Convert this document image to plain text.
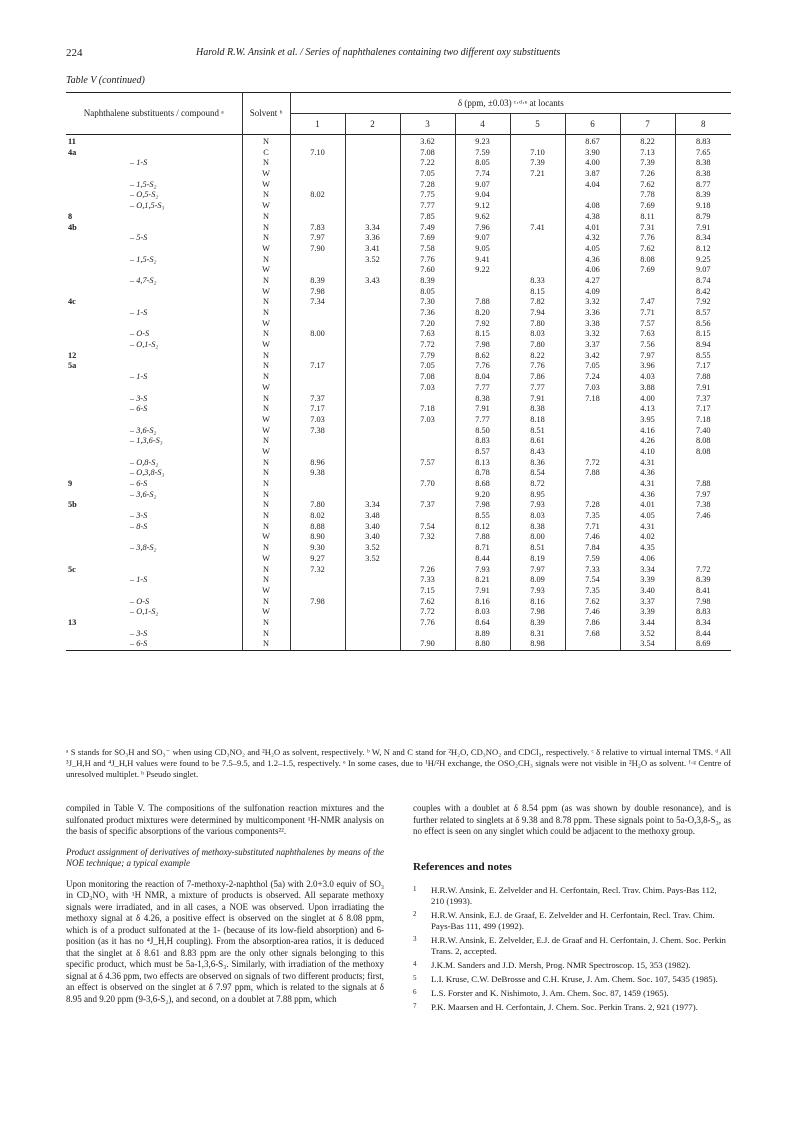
224	Harold R.W. Ansink et al. / Series of naphthalenes containing two different oxy substituents
Table V (continued)
Naphthalene substituents / compound ᵃ		Solvent ᵇ	δ (ppm, ±0.03) ᶜ·ᵈ·ᵉ at locants							
			1	2	3	4	5	6	7	8
11		N			3.62	9.23		8.67	8.22	8.83
4a		C	7.10		7.08	7.59	7.10	3.90	7.13	7.65
	– 1-S	N			7.22	8.05	7.39	4.00	7.39	8.38
		W			7.05	7.74	7.21	3.87	7.26	8.38
	– 1,5-S₂	W			7.28	9.07		4.04	7.62	8.77
	– O,5-S₂	N	8.02		7.75	9.04			7.78	8.39
	– O,1,5-S₃	W			7.77	9.12		4.08	7.69	9.18
8		N			7.85	9.62		4.38	8.11	8.79
4b		N	7.83	3.34	7.49	7.96	7.41	4.01	7.31	7.91
	– 5-S	N	7.97	3.36	7.69	9.07		4.32	7.76	8.34
		W	7.90	3.41	7.58	9.05		4.05	7.62	8.12
	– 1,5-S₂	N		3.52	7.76	9.41		4.36	8.08	9.25
		W			7.60	9.22		4.06	7.69	9.07
	– 4,7-S₂	N	8.39	3.43	8.39		8.33	4.27		8.74
		W	7.98		8.05		8.15	4.09		8.42
4c		N	7.34		7.30	7.88	7.82	3.32	7.47	7.92
	– 1-S	N			7.36	8.20	7.94	3.36	7.71	8.57
		W			7.20	7.92	7.80	3.38	7.57	8.56
	– O-S	N	8.00		7.63	8.15	8.03	3.32	7.63	8.15
	– O,1-S₂	W			7.72	7.98	7.80	3.37	7.56	8.94
12		N			7.79	8.62	8.22	3.42	7.97	8.55
5a		N	7.17		7.05	7.76	7.76	7.05	3.96	7.17
	– 1-S	N			7.08	8.04	7.86	7.24	4.03	7.88
		W			7.03	7.77	7.77	7.03	3.88	7.91
	– 3-S	N	7.37			8.38	7.91	7.18	4.00	7.37
	– 6-S	N	7.17		7.18	7.91	8.38		4.13	7.17
		W	7.03		7.03	7.77	8.18		3.95	7.18
	– 3,6-S₂	W	7.38			8.50	8.51		4.16	7.40
	– 1,3,6-S₃	N				8.83	8.61		4.26	8.08
		W				8.57	8.43		4.10	8.08
	– O,8-S₂	N	8.96		7.57	8.13	8.36	7.72	4.31	
	– O,3,8-S₃	N	9.38			8.78	8.54	7.88	4.36	
9	– 6-S	N			7.70	8.68	8.72		4.31	7.88
	– 3,6-S₂	N				9.20	8.95		4.36	7.97
5b		N	7.80	3.34	7.37	7.98	7.93	7.28	4.01	7.38
	– 3-S	N	8.02	3.48		8.55	8.03	7.35	4.05	7.46
	– 8-S	N	8.88	3.40	7.54	8.12	8.38	7.71	4.31	
		W	8.90	3.40	7.32	7.88	8.00	7.46	4.02	
	– 3,8-S₂	N	9.30	3.52		8.71	8.51	7.84	4.35	
		W	9.27	3.52		8.44	8.19	7.59	4.06	
5c		N	7.32		7.26	7.93	7.97	7.33	3.34	7.72
	– 1-S	N			7.33	8.21	8.09	7.54	3.39	8.39
		W			7.15	7.91	7.93	7.35	3.40	8.41
	– O-S	N	7.98		7.62	8.16	8.16	7.62	3.37	7.98
	– O,1-S₂	W			7.72	8.03	7.98	7.46	3.39	8.83
13		N			7.76	8.64	8.39	7.86	3.44	8.34
	– 3-S	N				8.89	8.31	7.68	3.52	8.44
	– 6-S	N			7.90	8.80	8.98		3.54	8.69
ᵃ S stands for SO₃H and SO₃⁻ when using CD₃NO₂ and ²H₂O as solvent, respectively. ᵇ W, N and C stand for ²H₂O, CD₃NO₂ and CDCl₃, respectively. ᶜ δ relative to virtual internal TMS. ᵈ All ³J_H,H and ⁴J_H,H values were found to be 7.5–9.5, and 1.2–1.5, respectively. ᵉ In some cases, due to ¹H/²H exchange, the OSO₂CH₃ signals were not visible in ²H₂O as solvent. ᶠ·ᵍ Centre of unresolved multiplet. ʰ Pseudo singlet.

compiled in Table V. The compositions of the sulfonation reaction mixtures and the sulfonated product mixtures were determined by multicomponent ¹H-NMR analysis on the basis of specific absorptions of the various components²².

Product assignment of derivatives of methoxy-substituted naphthalenes by means of the NOE technique; a typical example

Upon monitoring the reaction of 7-methoxy-2-naphthol (5a) with 2.0+3.0 equiv of SO₃ in CD₃NO₂ with ¹H NMR, a mixture of products is observed. All separate methoxy signals were irradiated, and in all cases, a NOE was observed. Upon irradiating the methoxy signal at δ 4.26, a positive effect is observed on the singlet at δ 8.08 ppm, which is of a product sulfonated at the 1- (because of its low-field absorption) and 6-position (as it has no ⁴J_H,H coupling). From the absorption-area ratios, it is deduced that the singlet at δ 8.61 and 8.83 ppm are the only other signals belonging to this specific product, which must be 5a-1,3,6-S₃. Similarly, with irradiation of the methoxy signal at δ 4.36 ppm, two effects are observed on signals of two different products; first, an effect is observed on the singlet at δ 7.97 ppm, which is related to the signals at δ 8.95 and 9.20 ppm (9-3,6-S₂), and second, on a doublet at 7.88 ppm, which

couples with a doublet at δ 8.54 ppm (as was shown by double resonance), and is further related to singlets at δ 9.38 and 8.78 ppm. These signals point to 5a-O,3,8-S₃, as no effect is seen on any singlet which could be adjacent to the methoxy group.

References and notes
1 H.R.W. Ansink, E. Zelvelder and H. Cerfontain, Recl. Trav. Chim. Pays-Bas 112, 210 (1993).
2 H.R.W. Ansink, E.J. de Graaf, E. Zelvelder and H. Cerfontain, Recl. Trav. Chim. Pays-Bas 111, 499 (1992).
3 H.R.W. Ansink, E. Zelvelder, E.J. de Graaf and H. Cerfontain, J. Chem. Soc. Perkin Trans. 2, accepted.
4 J.K.M. Sanders and J.D. Mersh, Prog. NMR Spectroscop. 15, 353 (1982).
5 L.I. Kruse, C.W. DeBrosse and C.H. Kruse, J. Am. Chem. Soc. 107, 5435 (1985).
6 L.S. Forster and K. Nishimoto, J. Am. Chem. Soc. 87, 1459 (1965).
7 P.K. Maarsen and H. Cerfontain, J. Chem. Soc. Perkin Trans. 2, 921 (1977).
